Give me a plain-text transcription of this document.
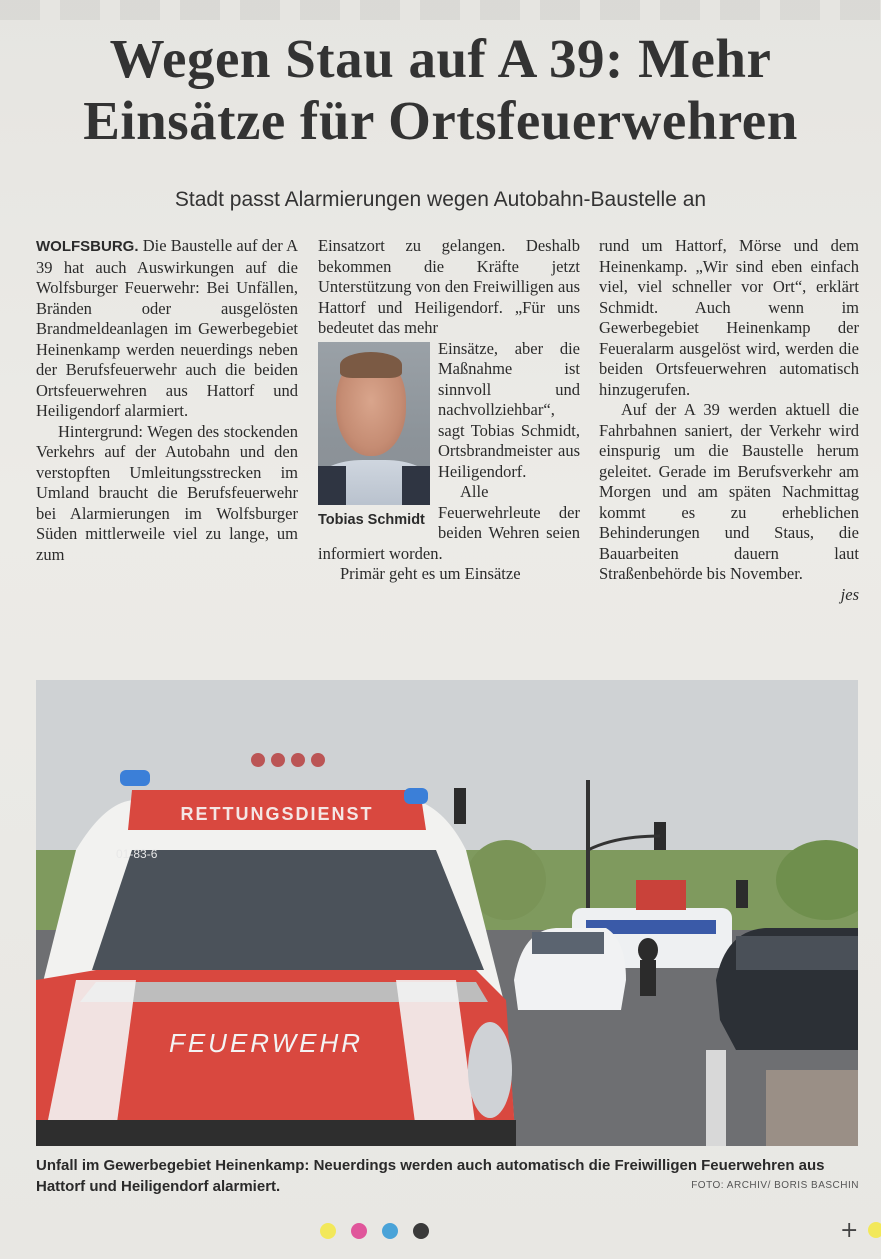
Wegen Stau auf A 39: Mehr
Einsätze für Ortsfeuerwehren
Stadt passt Alarmierungen wegen Autobahn-Baustelle an

WOLFSBURG. Die Baustelle auf der A 39 hat auch Auswirkungen auf die Wolfsburger Feuerwehr: Bei Unfällen, Bränden oder ausgelösten Brandmeldeanlagen im Gewerbegebiet Heinenkamp werden neuerdings neben der Berufsfeuerwehr auch die beiden Ortsfeuerwehren aus Hattorf und Heiligendorf alarmiert.

Hintergrund: Wegen des stockenden Verkehrs auf der Autobahn und den verstopften Umleitungsstrecken im Umland braucht die Berufsfeuerwehr bei Alarmierungen im Wolfsburger Süden mittlerweile viel zu lange, um zum

Einsatzort zu gelangen. Deshalb bekommen die Kräfte jetzt Unterstützung von den Freiwilligen aus Hattorf und Heiligendorf. „Für uns bedeutet das mehr

Einsätze, aber die Maßnahme ist sinnvoll und nachvollziehbar“, sagt Tobias Schmidt, Ortsbrandmeister aus Heiligendorf.

Tobias Schmidt

Alle Feuerwehrleute der beiden Wehren seien informiert worden.

Primär geht es um Einsätze

rund um Hattorf, Mörse und dem Heinenkamp. „Wir sind eben einfach viel, viel schneller vor Ort“, erklärt Schmidt. Auch wenn im Gewerbegebiet Heinenkamp der Feueralarm ausgelöst wird, werden die beiden Ortsfeuerwehren automatisch hinzugerufen.

Auf der A 39 werden aktuell die Fahrbahnen saniert, der Verkehr wird einspurig um die Baustelle herum geleitet. Gerade im Berufsverkehr am Morgen und am späten Nachmittag kommt es zu erheblichen Behinderungen und Staus, die Bauarbeiten dauern laut Straßenbehörde bis November.

jes

RETTUNGSDIENST
01-83-6
FEUERWEHR
Unfall im Gewerbegebiet Heinenkamp: Neuerdings werden auch automatisch die Freiwilligen Feuerwehren aus Hattorf und Heiligendorf alarmiert.	FOTO: ARCHIV/ BORIS BASCHIN

+
